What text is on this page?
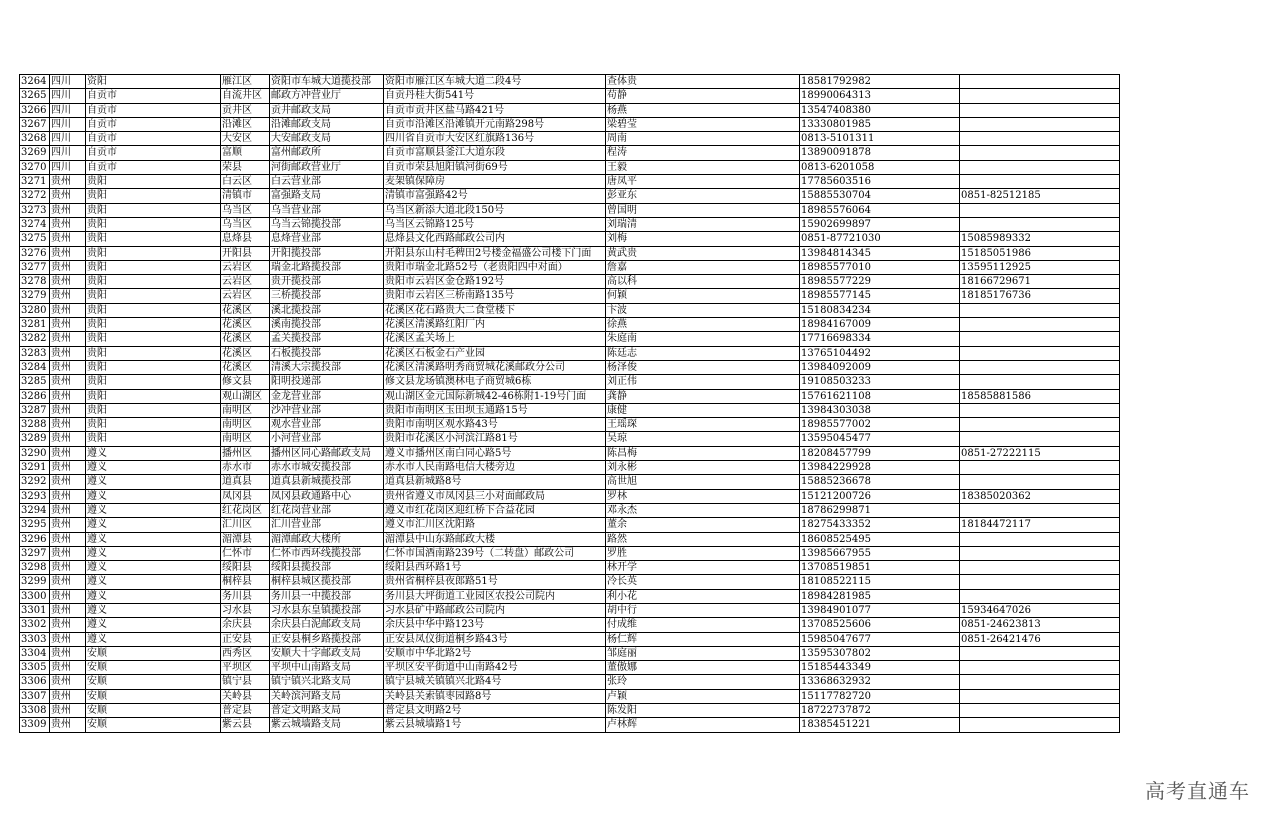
3264	四川	资阳	雁江区	资阳市车城大道揽投部	资阳市雁江区车城大道二段4号	查体贵	18581792982	
3265	四川	自贡市	自流井区	邮政方冲营业厅	自贡丹桂大街541号	苟静	18990064313	
3266	四川	自贡市	贡井区	贡井邮政支局	自贡市贡井区盐马路421号	杨燕	13547408380	
3267	四川	自贡市	沿滩区	沿滩邮政支局	自贡市沿滩区沿滩镇开元南路298号	梁碧莹	13330801985	
3268	四川	自贡市	大安区	大安邮政支局	四川省自贡市大安区红旗路136号	周南	0813-5101311	
3269	四川	自贡市	富顺	富州邮政所	自贡市富顺县釜江大道东段	程涛	13890091878	
3270	四川	自贡市	荣县	河街邮政营业厅	自贡市荣县旭阳镇河街69号	王毅	0813-6201058	
3271	贵州	贵阳	白云区	白云营业部	麦架镇保障房	唐凤平	17785603516	
3272	贵州	贵阳	清镇市	富强路支局	清镇市富强路42号	彭亚东	15885530704	0851-82512185
3273	贵州	贵阳	乌当区	乌当营业部	乌当区新添大道北段150号	曾国明	18985576064	
3274	贵州	贵阳	乌当区	乌当云锦揽投部	乌当区云锦路125号	刘瑞清	15902699897	
3275	贵州	贵阳	息烽县	息烽营业部	息烽县文化西路邮政公司内	刘梅	0851-87721030	15085989332
3276	贵州	贵阳	开阳县	开阳揽投部	开阳县东山村毛稗田2号楼金福盛公司楼下门面	黄武贵	13984814345	15185051986
3277	贵州	贵阳	云岩区	瑞金北路揽投部	贵阳市瑞金北路52号（老贵阳四中对面）	詹嘉	18985577010	13595112925
3278	贵州	贵阳	云岩区	贵开揽投部	贵阳市云岩区金仓路192号	高以科	18985577229	18166729671
3279	贵州	贵阳	云岩区	三桥揽投部	贵阳市云岩区三桥南路135号	何颖	18985577145	18185176736
3280	贵州	贵阳	花溪区	溪北揽投部	花溪区花石路贵大二食堂楼下	卞波	15180834234	
3281	贵州	贵阳	花溪区	溪南揽投部	花溪区清溪路红阳厂内	徐燕	18984167009	
3282	贵州	贵阳	花溪区	孟关揽投部	花溪区孟关场上	朱庭南	17716698334	
3283	贵州	贵阳	花溪区	石板揽投部	花溪区石板金石产业园	陈廷志	13765104492	
3284	贵州	贵阳	花溪区	清溪大宗揽投部	花溪区清溪路明秀商贸城花溪邮政分公司	杨泽俊	13984092009	
3285	贵州	贵阳	修文县	阳明投递部	修文县龙场镇澳林电子商贸城6栋	刘正伟	19108503233	
3286	贵州	贵阳	观山湖区	金龙营业部	观山湖区金元国际新城42-46栋附1-19号门面	龚静	15761621108	18585881586
3287	贵州	贵阳	南明区	沙冲营业部	贵阳市南明区玉田坝玉通路15号	康健	13984303038	
3288	贵州	贵阳	南明区	观水营业部	贵阳市南明区观水路43号	王瑶琛	18985577002	
3289	贵州	贵阳	南明区	小河营业部	贵阳市花溪区小河滨江路81号	吴琼	13595045477	
3290	贵州	遵义	播州区	播州区同心路邮政支局	遵义市播州区南白同心路5号	陈昌梅	18208457799	0851-27222115
3291	贵州	遵义	赤水市	赤水市城安揽投部	赤水市人民南路电信大楼旁边	刘永彬	13984229928	
3292	贵州	遵义	道真县	道真县新城揽投部	道真县新城路8号	高世旭	15885236678	
3293	贵州	遵义	凤冈县	凤冈县政通路中心	贵州省遵义市凤冈县三小对面邮政局	罗林	15121200726	18385020362
3294	贵州	遵义	红花岗区	红花岗营业部	遵义市红花岗区迎红桥下合益花园	邓永杰	18786299871	
3295	贵州	遵义	汇川区	汇川营业部	遵义市汇川区沈阳路	董余	18275433352	18184472117
3296	贵州	遵义	湄潭县	湄潭邮政大楼所	湄潭县中山东路邮政大楼	路然	18608525495	
3297	贵州	遵义	仁怀市	仁怀市西环线揽投部	仁怀市国酒南路239号（二转盘）邮政公司	罗胜	13985667955	
3298	贵州	遵义	绥阳县	绥阳县揽投部	绥阳县西环路1号	林开学	13708519851	
3299	贵州	遵义	桐梓县	桐梓县城区揽投部	贵州省桐梓县夜郎路51号	冷长英	18108522115	
3300	贵州	遵义	务川县	务川县一中揽投部	务川县大坪街道工业园区农投公司院内	利小花	18984281985	
3301	贵州	遵义	习水县	习水县东皇镇揽投部	习水县矿中路邮政公司院内	胡中行	13984901077	15934647026
3302	贵州	遵义	余庆县	余庆县白泥邮政支局	余庆县中华中路123号	付成维	13708525606	0851-24623813
3303	贵州	遵义	正安县	正安县桐乡路揽投部	正安县凤仪街道桐乡路43号	杨仁辉	15985047677	0851-26421476
3304	贵州	安顺	西秀区	安顺大十字邮政支局	安顺市中华北路2号	邹庭丽	13595307802	
3305	贵州	安顺	平坝区	平坝中山南路支局	平坝区安平街道中山南路42号	董傲娜	15185443349	
3306	贵州	安顺	镇宁县	镇宁镇兴北路支局	镇宁县城关镇镇兴北路4号	张玲	13368632932	
3307	贵州	安顺	关岭县	关岭滨河路支局	关岭县关索镇枣园路8号	卢颖	15117782720	
3308	贵州	安顺	普定县	普定文明路支局	普定县文明路2号	陈发阳	18722737872	
3309	贵州	安顺	紫云县	紫云城墙路支局	紫云县城墙路1号	卢林辉	18385451221	
高考直通车
